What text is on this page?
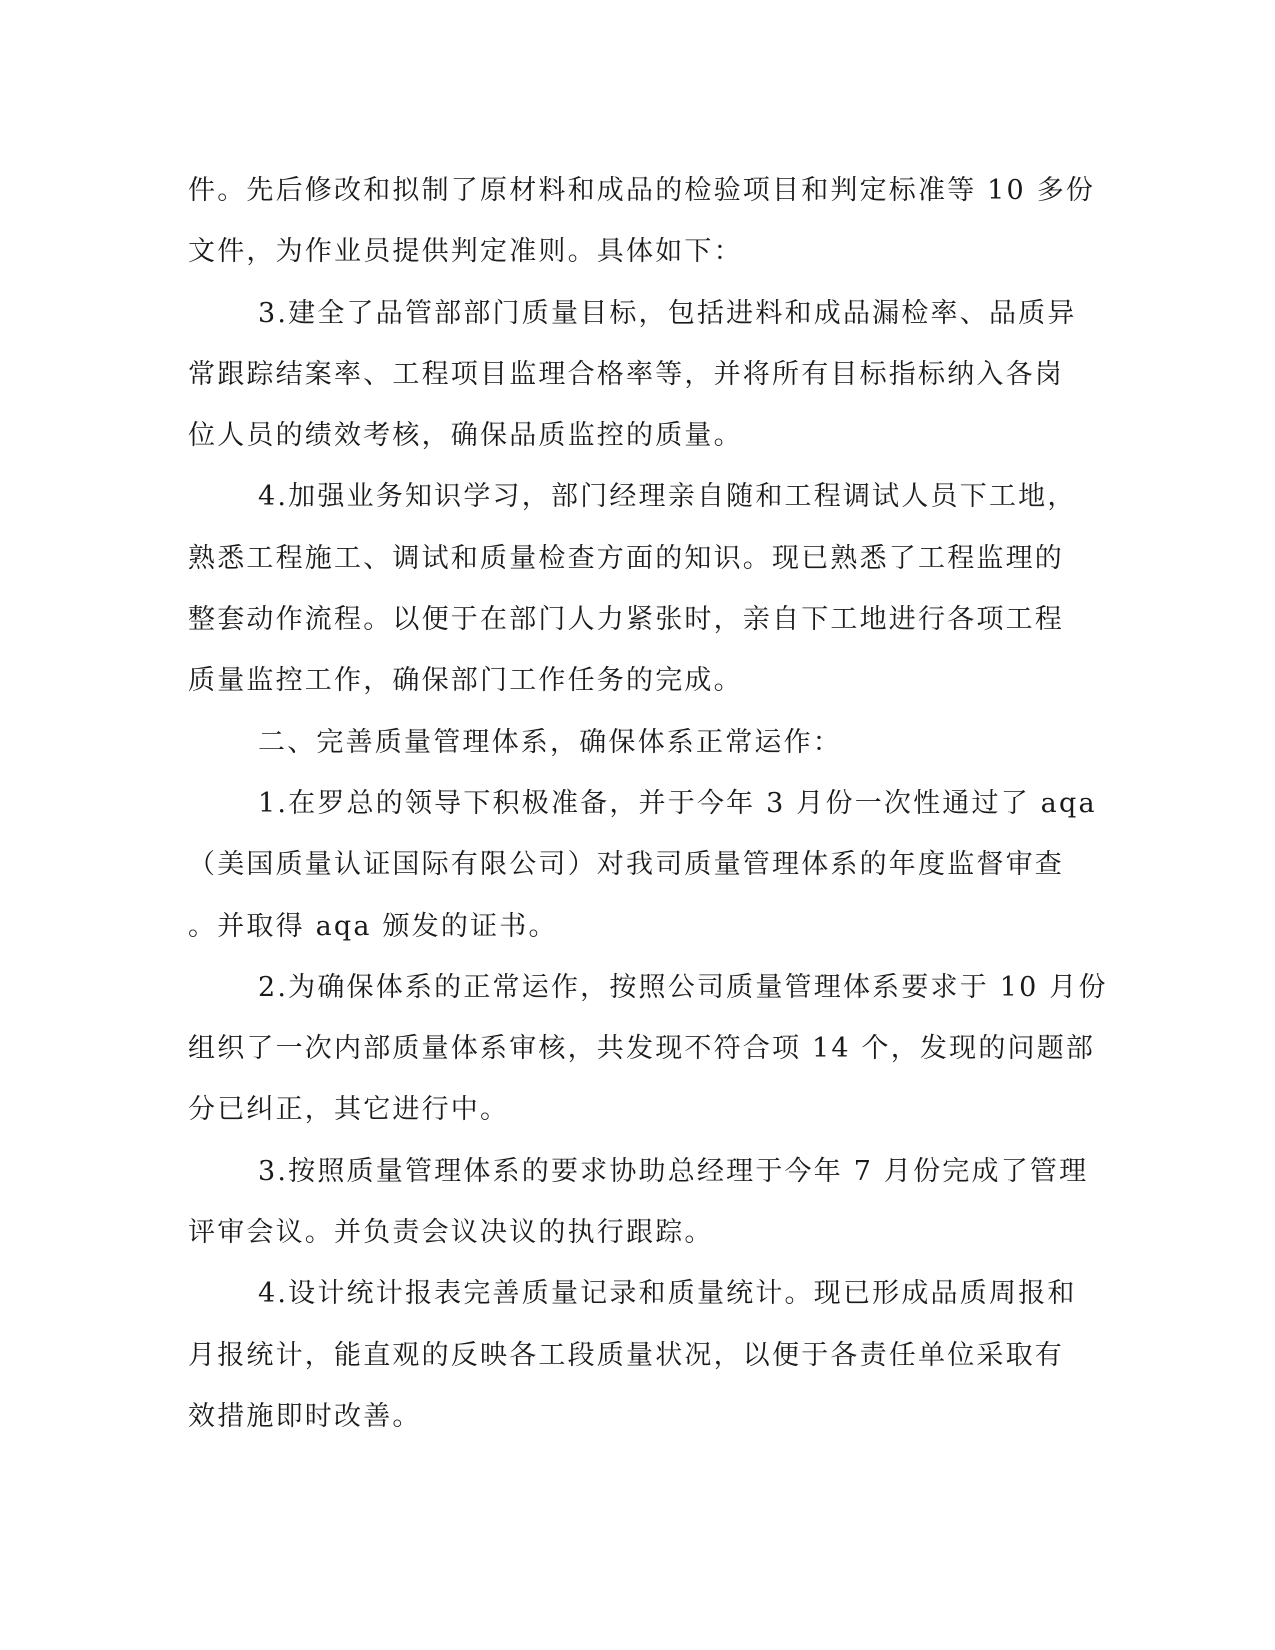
件。先后修改和拟制了原材料和成品的检验项目和判定标准等 10 多份
文件，为作业员提供判定准则。具体如下：
3.建全了品管部部门质量目标，包括进料和成品漏检率、品质异
常跟踪结案率、工程项目监理合格率等，并将所有目标指标纳入各岗
位人员的绩效考核，确保品质监控的质量。
4.加强业务知识学习，部门经理亲自随和工程调试人员下工地，
熟悉工程施工、调试和质量检查方面的知识。现已熟悉了工程监理的
整套动作流程。以便于在部门人力紧张时，亲自下工地进行各项工程
质量监控工作，确保部门工作任务的完成。
二、完善质量管理体系，确保体系正常运作：
1.在罗总的领导下积极准备，并于今年 3 月份一次性通过了 aqa
（美国质量认证国际有限公司）对我司质量管理体系的年度监督审查
。并取得 aqa 颁发的证书。
2.为确保体系的正常运作，按照公司质量管理体系要求于 10 月份
组织了一次内部质量体系审核，共发现不符合项 14 个，发现的问题部
分已纠正，其它进行中。
3.按照质量管理体系的要求协助总经理于今年 7 月份完成了管理
评审会议。并负责会议决议的执行跟踪。
4.设计统计报表完善质量记录和质量统计。现已形成品质周报和
月报统计，能直观的反映各工段质量状况，以便于各责任单位采取有
效措施即时改善。
